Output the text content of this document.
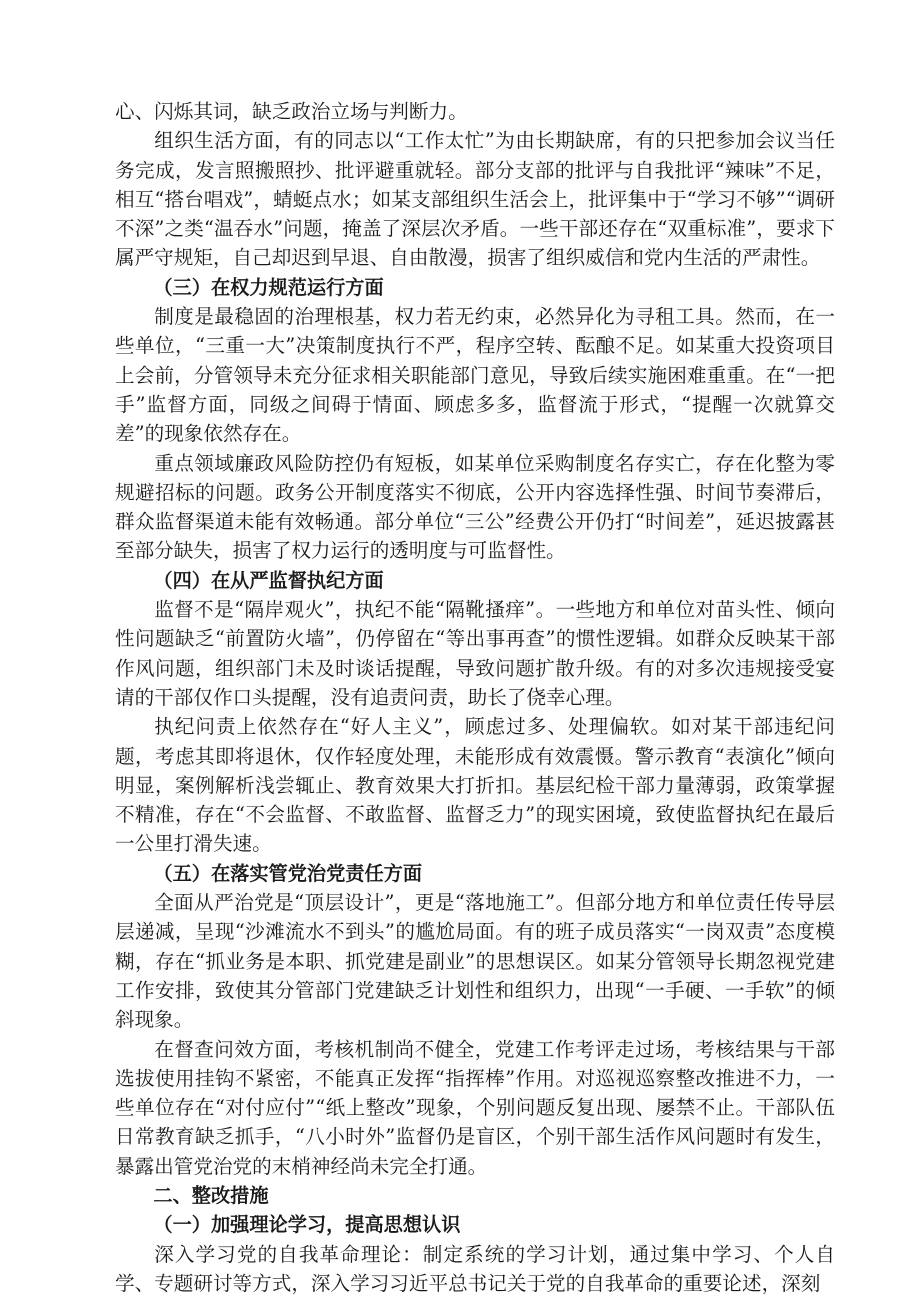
心、闪烁其词，缺乏政治立场与判断力。

组织生活方面，有的同志以“工作太忙”为由长期缺席，有的只把参加会议当任务完成，发言照搬照抄、批评避重就轻。部分支部的批评与自我批评“辣味”不足，相互“搭台唱戏”，蜻蜓点水；如某支部组织生活会上，批评集中于“学习不够”“调研不深”之类“温吞水”问题，掩盖了深层次矛盾。一些干部还存在“双重标准”，要求下属严守规矩，自己却迟到早退、自由散漫，损害了组织威信和党内生活的严肃性。

（三）在权力规范运行方面

制度是最稳固的治理根基，权力若无约束，必然异化为寻租工具。然而，在一些单位，“三重一大”决策制度执行不严，程序空转、酝酿不足。如某重大投资项目上会前，分管领导未充分征求相关职能部门意见，导致后续实施困难重重。在“一把手”监督方面，同级之间碍于情面、顾虑多多，监督流于形式，“提醒一次就算交差”的现象依然存在。

重点领域廉政风险防控仍有短板，如某单位采购制度名存实亡，存在化整为零规避招标的问题。政务公开制度落实不彻底，公开内容选择性强、时间节奏滞后，群众监督渠道未能有效畅通。部分单位“三公”经费公开仍打“时间差”，延迟披露甚至部分缺失，损害了权力运行的透明度与可监督性。

（四）在从严监督执纪方面

监督不是“隔岸观火”，执纪不能“隔靴搔痒”。一些地方和单位对苗头性、倾向性问题缺乏“前置防火墙”，仍停留在“等出事再查”的惯性逻辑。如群众反映某干部作风问题，组织部门未及时谈话提醒，导致问题扩散升级。有的对多次违规接受宴请的干部仅作口头提醒，没有追责问责，助长了侥幸心理。

执纪问责上依然存在“好人主义”，顾虑过多、处理偏软。如对某干部违纪问题，考虑其即将退休，仅作轻度处理，未能形成有效震慑。警示教育“表演化”倾向明显，案例解析浅尝辄止、教育效果大打折扣。基层纪检干部力量薄弱，政策掌握不精准，存在“不会监督、不敢监督、监督乏力”的现实困境，致使监督执纪在最后一公里打滑失速。

（五）在落实管党治党责任方面

全面从严治党是“顶层设计”，更是“落地施工”。但部分地方和单位责任传导层层递减，呈现“沙滩流水不到头”的尴尬局面。有的班子成员落实“一岗双责”态度模糊，存在“抓业务是本职、抓党建是副业”的思想误区。如某分管领导长期忽视党建工作安排，致使其分管部门党建缺乏计划性和组织力，出现“一手硬、一手软”的倾斜现象。

在督查问效方面，考核机制尚不健全，党建工作考评走过场，考核结果与干部选拔使用挂钩不紧密，不能真正发挥“指挥棒”作用。对巡视巡察整改推进不力，一些单位存在“对付应付”“纸上整改”现象，个别问题反复出现、屡禁不止。干部队伍日常教育缺乏抓手，“八小时外”监督仍是盲区，个别干部生活作风问题时有发生，暴露出管党治党的末梢神经尚未完全打通。

二、整改措施

（一）加强理论学习，提高思想认识

深入学习党的自我革命理论：制定系统的学习计划，通过集中学习、个人自学、专题研讨等方式，深入学习习近平总书记关于党的自我革命的重要论述，深刻
